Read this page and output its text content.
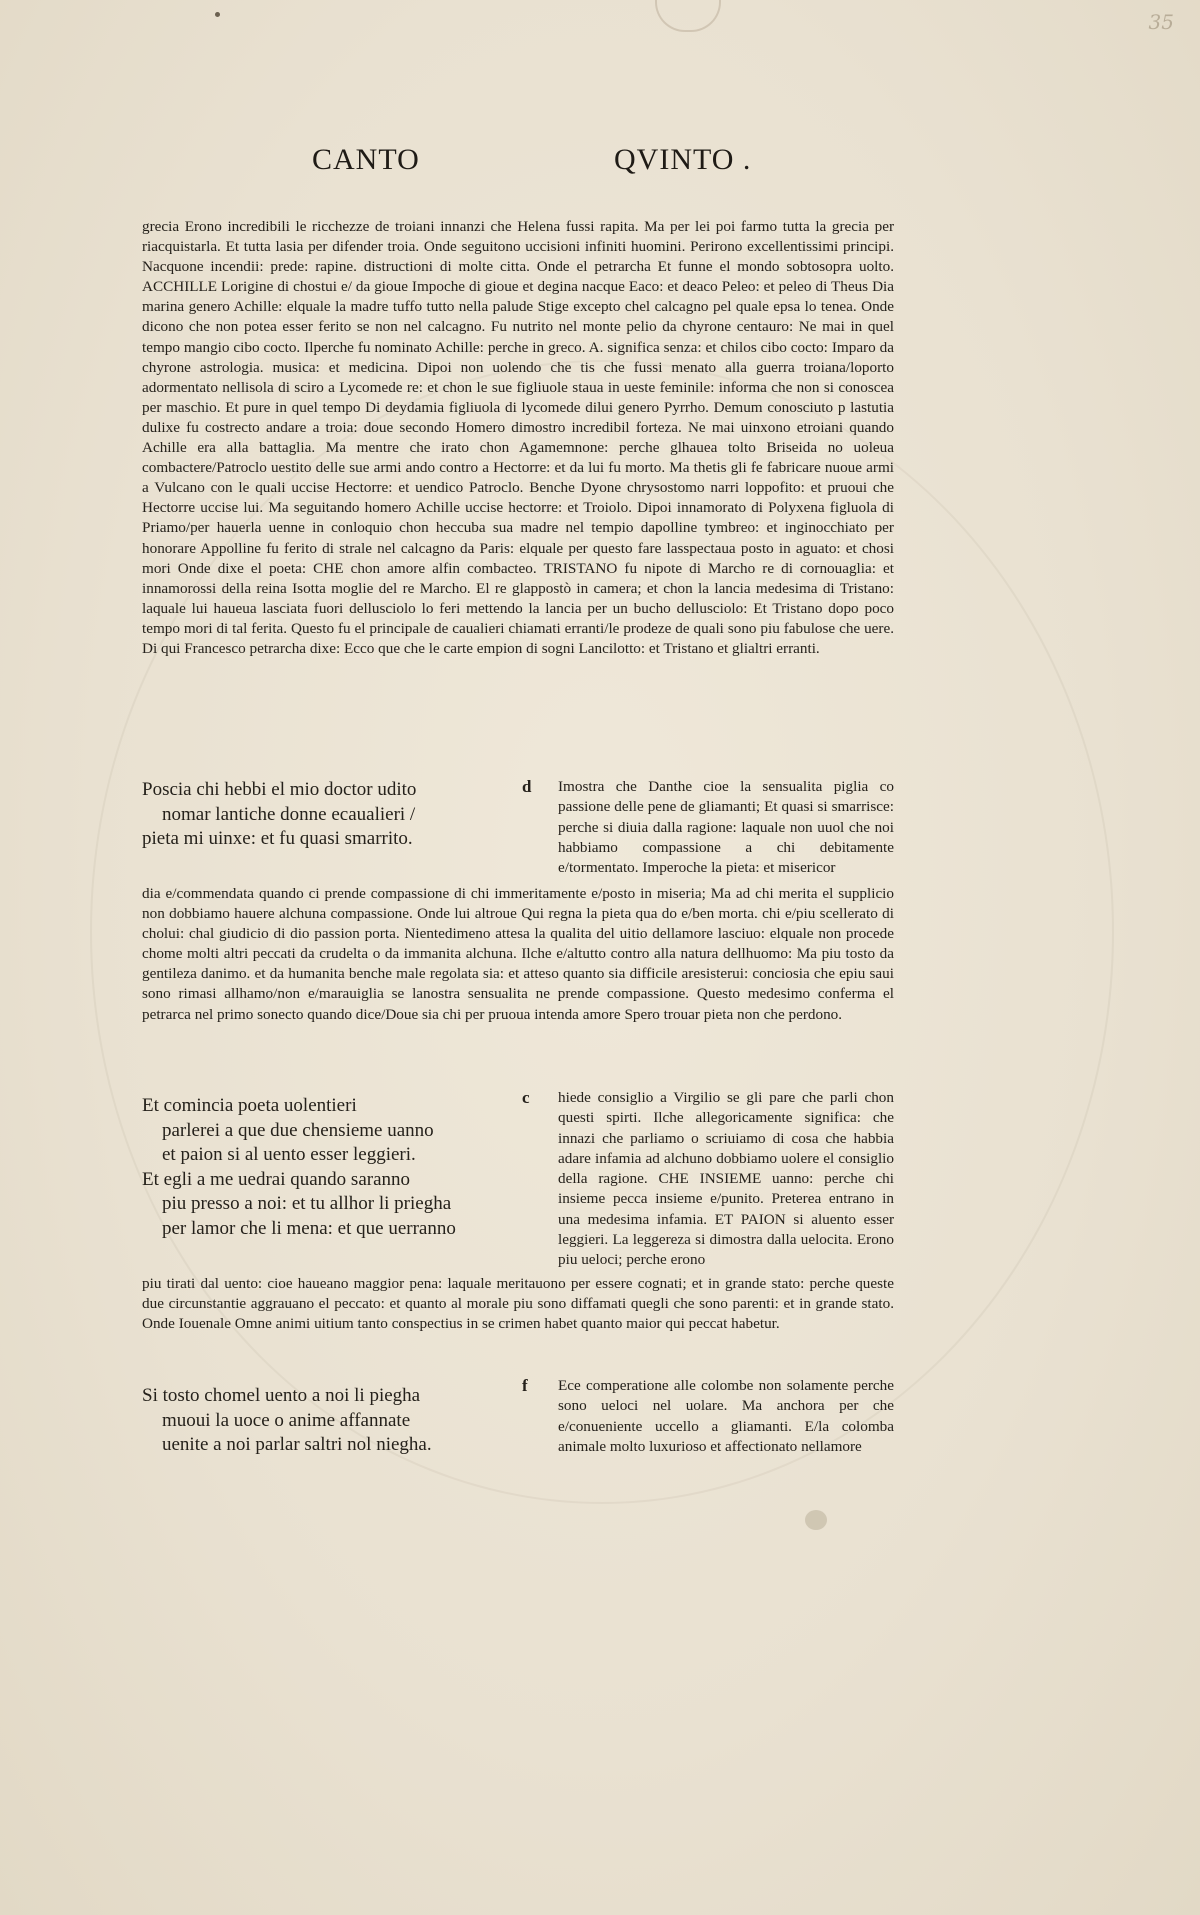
35
CANTO	QVINTO .

grecia Erono incredibili le ricchezze de troiani innanzi che Helena fussi rapita. Ma per lei poi farmo tutta la grecia per riacquistarla. Et tutta lasia per difender troia. Onde seguitono uccisioni infiniti huomini. Perirono excellentissimi principi. Nacquone incendii: prede: rapine. distructioni di molte citta. Onde el petrarcha Et funne el mondo sobtosopra uolto. ACCHILLE Lorigine di chostui e/ da gioue Impoche di gioue et degina nacque Eaco: et deaco Peleo: et peleo di Theus Dia marina genero Achille: elquale la madre tuffo tutto nella palude Stige excepto chel calcagno pel quale epsa lo tenea. Onde dicono che non potea esser ferito se non nel calcagno. Fu nutrito nel monte pelio da chyrone centauro: Ne mai in quel tempo mangio cibo cocto. Ilperche fu nominato Achille: perche in greco. A. significa senza: et chilos cibo cocto: Imparo da chyrone astrologia. musica: et medicina. Dipoi non uolendo che tis che fussi menato alla guerra troiana/loporto adormentato nellisola di sciro a Lycomede re: et chon le sue figliuole staua in ueste feminile: informa che non si conoscea per maschio. Et pure in quel tempo Di deydamia figliuola di lycomede dilui genero Pyrrho. Demum conosciuto p lastutia dulixe fu costrecto andare a troia: doue secondo Homero dimostro incredibil forteza. Ne mai uinxono etroiani quando Achille era alla battaglia. Ma mentre che irato chon Agamemnone: perche glhauea tolto Briseida no uoleua combactere/Patroclo uestito delle sue armi ando contro a Hectorre: et da lui fu morto. Ma thetis gli fe fabricare nuoue armi a Vulcano con le quali uccise Hectorre: et uendico Patroclo. Benche Dyone chrysostomo narri loppofito: et pruoui che Hectorre uccise lui. Ma seguitando homero Achille uccise hectorre: et Troiolo. Dipoi innamorato di Polyxena figluola di Priamo/per hauerla uenne in conloquio chon heccuba sua madre nel tempio dapolline tymbreo: et inginocchiato per honorare Appolline fu ferito di strale nel calcagno da Paris: elquale per questo fare lasspectaua posto in aguato: et chosi mori Onde dixe el poeta: CHE chon amore alfin combacteo. TRISTANO fu nipote di Marcho re di cornouaglia: et innamorossi della reina Isotta moglie del re Marcho. El re glappostò in camera; et chon la lancia medesima di Tristano: laquale lui haueua lasciata fuori dellusciolo lo feri mettendo la lancia per un bucho dellusciolo: Et Tristano dopo poco tempo mori di tal ferita. Questo fu el principale de caualieri chiamati erranti/le prodeze de quali sono piu fabulose che uere. Di qui Francesco petrarcha dixe: Ecco que che le carte empion di sogni Lancilotto: et Tristano et glialtri erranti.

Poscia chi hebbi el mio doctor udito
nomar lantiche donne ecaualieri /
pieta mi uinxe: et fu quasi smarrito.
d Imostra che Danthe cioe la sensualita piglia co passione delle pene de gliamanti; Et quasi si smarrisce: perche si diuia dalla ragione: laquale non uuol che noi habbiamo compassione a chi debitamente e/tormentato. Imperoche la pieta: et misericor

dia e/commendata quando ci prende compassione di chi immeritamente e/posto in miseria; Ma ad chi merita el supplicio non dobbiamo hauere alchuna compassione. Onde lui altroue Qui regna la pieta qua do e/ben morta. chi e/piu scellerato di cholui: chal giudicio di dio passion porta. Nientedimeno attesa la qualita del uitio dellamore lasciuo: elquale non procede chome molti altri peccati da crudelta o da immanita alchuna. Ilche e/altutto contro alla natura dellhuomo: Ma piu tosto da gentileza danimo. et da humanita benche male regolata sia: et atteso quanto sia difficile aresisterui: conciosia che epiu saui sono rimasi allhamo/non e/marauiglia se lanostra sensualita ne prende compassione. Questo medesimo conferma el petrarca nel primo sonecto quando dice/Doue sia chi per pruoua intenda amore Spero trouar pieta non che perdono.

Et comincia poeta uolentieri
parlerei a que due chensieme uanno
et paion si al uento esser leggieri.
Et egli a me uedrai quando saranno
piu presso a noi: et tu allhor li priegha
per lamor che li mena: et que uerranno
c hiede consiglio a Virgilio se gli pare che parli chon questi spirti. Ilche allegoricamente significa: che innazi che parliamo o scriuiamo di cosa che habbia adare infamia ad alchuno dobbiamo uolere el consiglio della ragione. CHE INSIEME uanno: perche chi insieme pecca insieme e/punito. Preterea entrano in una medesima infamia. ET PAION si aluento esser leggieri. La leggereza si dimostra dalla uelocita. Erono piu ueloci; perche erono

piu tirati dal uento: cioe haueano maggior pena: laquale meritauono per essere cognati; et in grande stato: perche queste due circunstantie aggrauano el peccato: et quanto al morale piu sono diffamati quegli che sono parenti: et in grande stato. Onde Iouenale Omne animi uitium tanto conspectius in se crimen habet quanto maior qui peccat habetur.

Si tosto chomel uento a noi li piegha
muoui la uoce o anime affannate
uenite a noi parlar saltri nol niegha.
f Ece comperatione alle colombe non solamente perche sono ueloci nel uolare. Ma anchora per che e/conueniente uccello a gliamanti. E/la colomba animale molto luxurioso et affectionato nellamore
